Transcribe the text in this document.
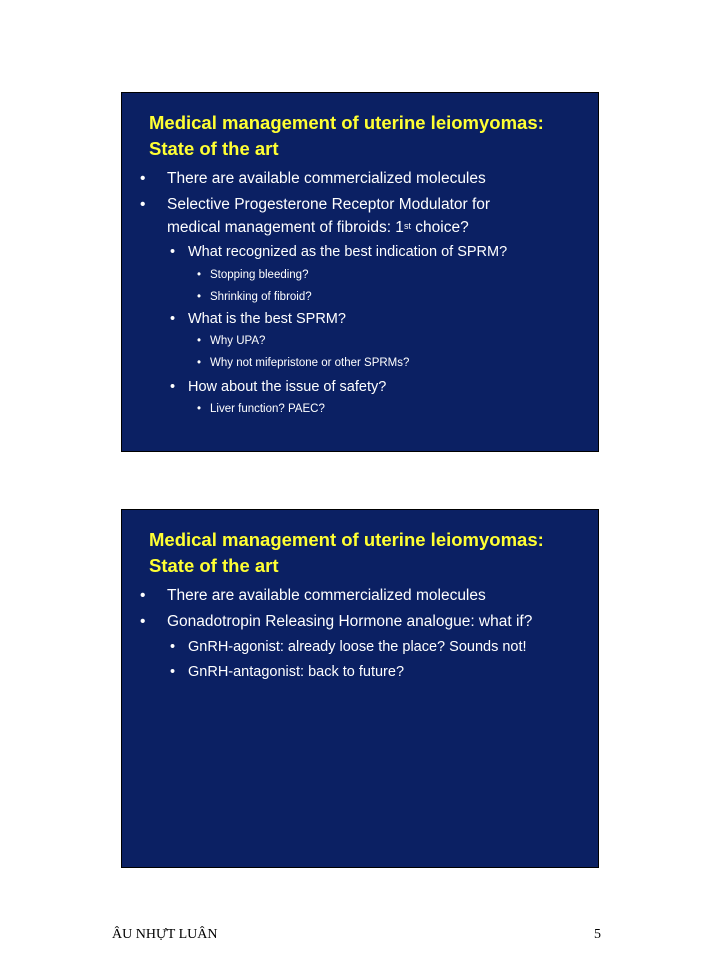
Medical management of uterine leiomyomas:
State of the art
• There are available commercialized molecules
• Selective Progesterone Receptor Modulator for
medical management of fibroids: 1st choice?
• What recognized as the best indication of SPRM?
• Stopping bleeding?
• Shrinking of fibroid?
• What is the best SPRM?
• Why UPA?
• Why not mifepristone or other SPRMs?
• How about the issue of safety?
• Liver function? PAEC?
Medical management of uterine leiomyomas:
State of the art
• There are available commercialized molecules
• Gonadotropin Releasing Hormone analogue: what if?
• GnRH-agonist: already loose the place? Sounds not!
• GnRH-antagonist: back to future?
ÂU NHỰT LUÂN	5
